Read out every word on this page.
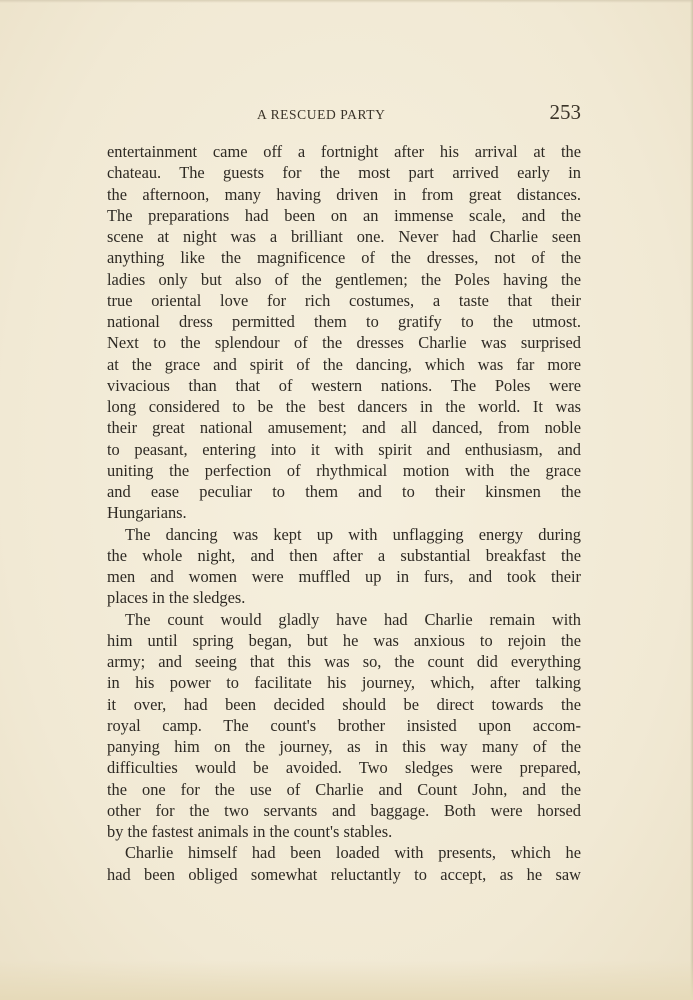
A RESCUED PARTY	253
entertainment came off a fortnight after his arrival at the
chateau. The guests for the most part arrived early in
the afternoon, many having driven in from great distances.
The preparations had been on an immense scale, and the
scene at night was a brilliant one. Never had Charlie seen
anything like the magnificence of the dresses, not of the
ladies only but also of the gentlemen; the Poles having the
true oriental love for rich costumes, a taste that their
national dress permitted them to gratify to the utmost.
Next to the splendour of the dresses Charlie was surprised
at the grace and spirit of the dancing, which was far more
vivacious than that of western nations. The Poles were
long considered to be the best dancers in the world. It was
their great national amusement; and all danced, from noble
to peasant, entering into it with spirit and enthusiasm, and
uniting the perfection of rhythmical motion with the grace
and ease peculiar to them and to their kinsmen the
Hungarians.
The dancing was kept up with unflagging energy during
the whole night, and then after a substantial breakfast the
men and women were muffled up in furs, and took their
places in the sledges.
The count would gladly have had Charlie remain with
him until spring began, but he was anxious to rejoin the
army; and seeing that this was so, the count did everything
in his power to facilitate his journey, which, after talking
it over, had been decided should be direct towards the
royal camp. The count's brother insisted upon accom-
panying him on the journey, as in this way many of the
difficulties would be avoided. Two sledges were prepared,
the one for the use of Charlie and Count John, and the
other for the two servants and baggage. Both were horsed
by the fastest animals in the count's stables.
Charlie himself had been loaded with presents, which he
had been obliged somewhat reluctantly to accept, as he saw
